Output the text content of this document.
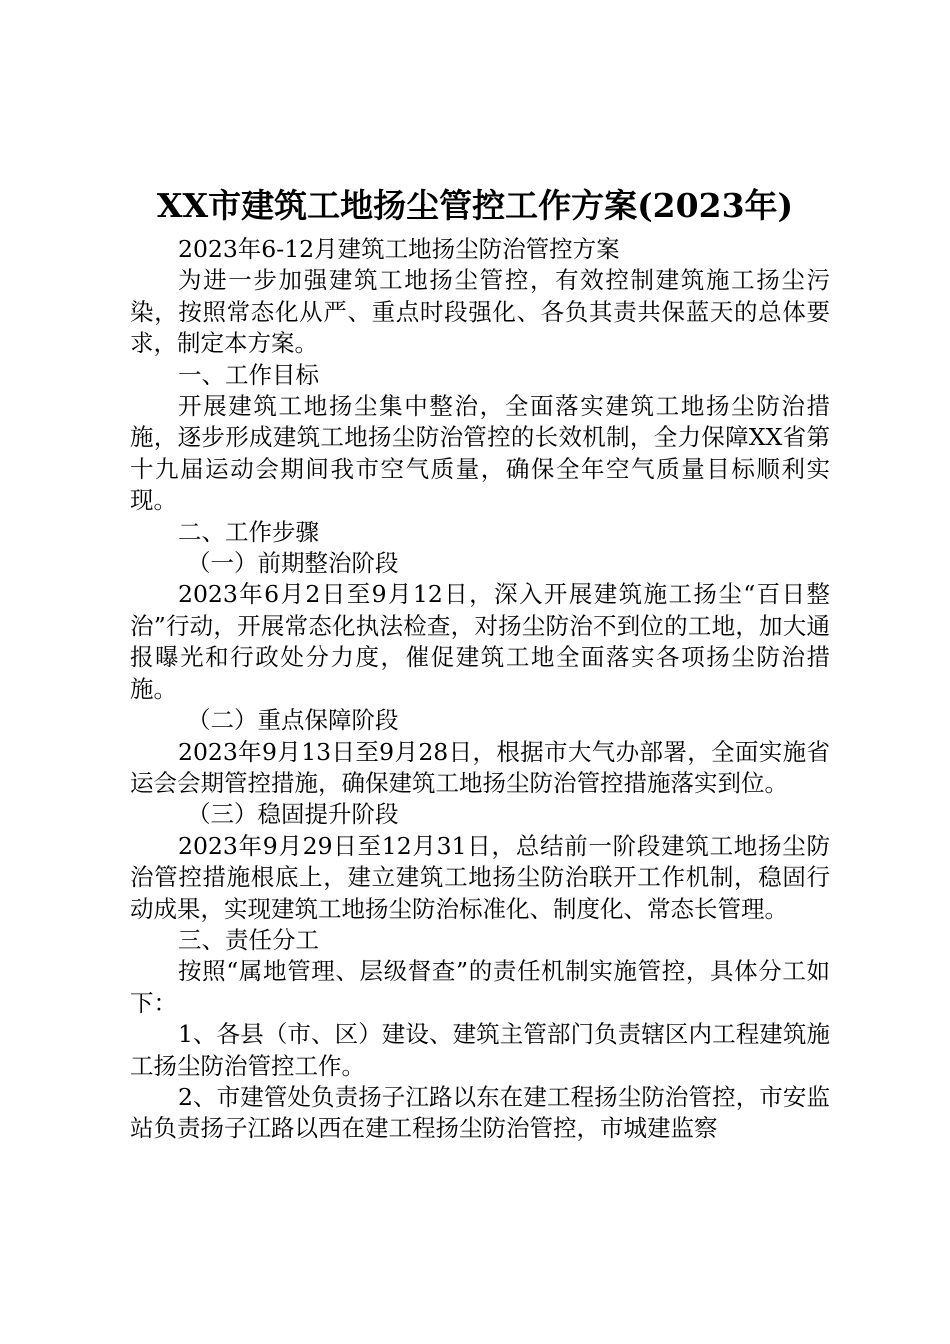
XX市建筑工地扬尘管控工作方案(2023年)

2023年6-12月建筑工地扬尘防治管控方案

为进一步加强建筑工地扬尘管控，有效控制建筑施工扬尘污染，按照常态化从严、重点时段强化、各负其责共保蓝天的总体要求，制定本方案。

一、工作目标

开展建筑工地扬尘集中整治，全面落实建筑工地扬尘防治措施，逐步形成建筑工地扬尘防治管控的长效机制，全力保障XX省第十九届运动会期间我市空气质量，确保全年空气质量目标顺利实现。

二、工作步骤

（一）前期整治阶段

2023年6月2日至9月12日，深入开展建筑施工扬尘“百日整治”行动，开展常态化执法检查，对扬尘防治不到位的工地，加大通报曝光和行政处分力度，催促建筑工地全面落实各项扬尘防治措施。

（二）重点保障阶段

2023年9月13日至9月28日，根据市大气办部署，全面实施省运会会期管控措施，确保建筑工地扬尘防治管控措施落实到位。

（三）稳固提升阶段

2023年9月29日至12月31日，总结前一阶段建筑工地扬尘防治管控措施根底上，建立建筑工地扬尘防治联开工作机制，稳固行动成果，实现建筑工地扬尘防治标准化、制度化、常态长管理。

三、责任分工

按照“属地管理、层级督查”的责任机制实施管控，具体分工如下：

1、各县（市、区）建设、建筑主管部门负责辖区内工程建筑施工扬尘防治管控工作。

2、市建管处负责扬子江路以东在建工程扬尘防治管控，市安监站负责扬子江路以西在建工程扬尘防治管控，市城建监察
